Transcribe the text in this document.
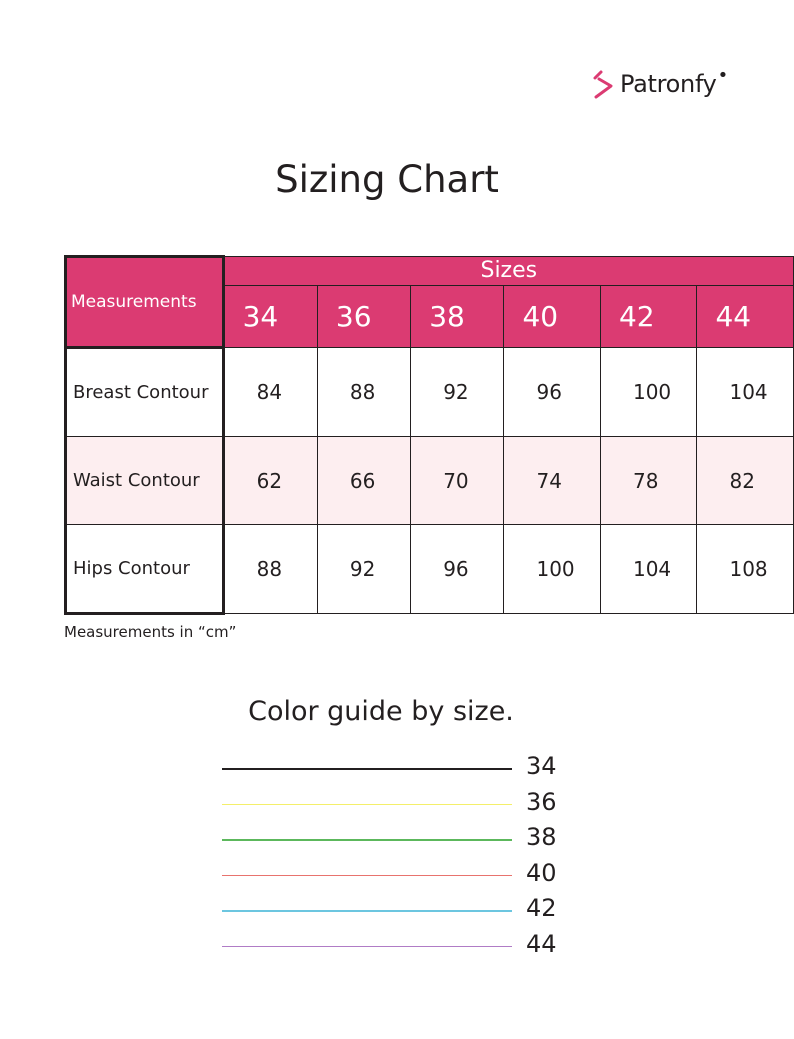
Patronfy •
Sizing Chart
Measurements	Sizes					
	34	36	38	40	42	44
Breast Contour	84	88	92	96	100	104
Waist Contour	62	66	70	74	78	82
Hips Contour	88	92	96	100	104	108
Measurements in “cm”
Color guide by size.
34
36
38
40
42
44
